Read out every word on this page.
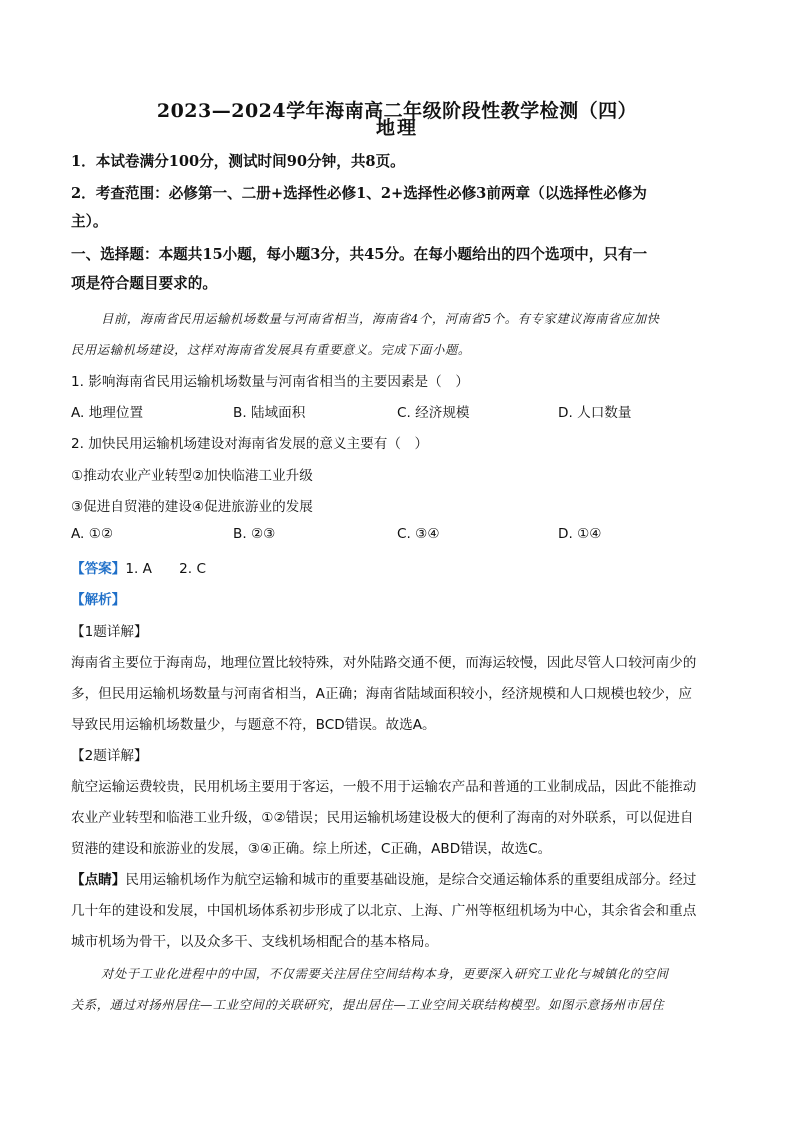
2023—2024学年海南高二年级阶段性教学检测（四）
地理
1．本试卷满分100分，测试时间90分钟，共8页。
2．考查范围：必修第一、二册+选择性必修1、2+选择性必修3前两章（以选择性必修为
主）。
一、选择题：本题共15小题，每小题3分，共45分。在每小题给出的四个选项中，只有一
项是符合题目要求的。
目前，海南省民用运输机场数量与河南省相当，海南省4个，河南省5个。有专家建议海南省应加快
民用运输机场建设，这样对海南省发展具有重要意义。完成下面小题。
1. 影响海南省民用运输机场数量与河南省相当的主要因素是（　）
A. 地理位置	B. 陆域面积	C. 经济规模	D. 人口数量
2. 加快民用运输机场建设对海南省发展的意义主要有（　）
①推动农业产业转型②加快临港工业升级
③促进自贸港的建设④促进旅游业的发展
A. ①②	B. ②③	C. ③④	D. ①④
【答案】1. A　　2. C
【解析】
【1题详解】
海南省主要位于海南岛，地理位置比较特殊，对外陆路交通不便，而海运较慢，因此尽管人口较河南少的
多，但民用运输机场数量与河南省相当，A正确；海南省陆域面积较小，经济规模和人口规模也较少，应
导致民用运输机场数量少，与题意不符，BCD错误。故选A。
【2题详解】
航空运输运费较贵，民用机场主要用于客运，一般不用于运输农产品和普通的工业制成品，因此不能推动
农业产业转型和临港工业升级，①②错误；民用运输机场建设极大的便利了海南的对外联系，可以促进自
贸港的建设和旅游业的发展，③④正确。综上所述，C正确，ABD错误，故选C。
【点睛】民用运输机场作为航空运输和城市的重要基础设施，是综合交通运输体系的重要组成部分。经过
几十年的建设和发展，中国机场体系初步形成了以北京、上海、广州等枢纽机场为中心，其余省会和重点
城市机场为骨干，以及众多干、支线机场相配合的基本格局。
对处于工业化进程中的中国，不仅需要关注居住空间结构本身，更要深入研究工业化与城镇化的空间
关系，通过对扬州居住—工业空间的关联研究，提出居住—工业空间关联结构模型。如图示意扬州市居住
